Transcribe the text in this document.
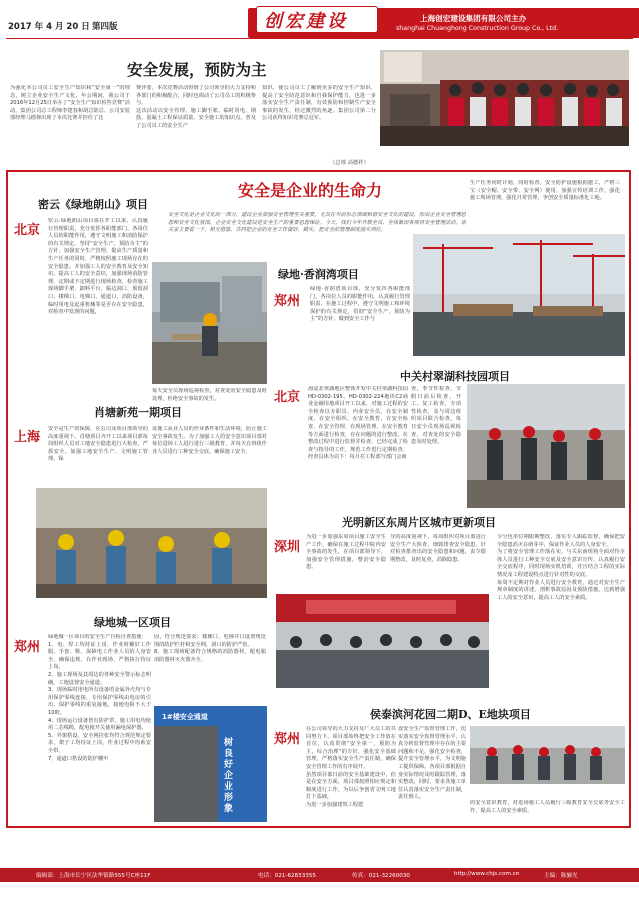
2017 年 4 月 20 日 第四版	创宏建设	上海创宏建设集团有限公司主办
shanghai Chuanghong Construction Group Co., Ltd.
安全发展，预防为主
为强化本公司员工安全生产知识和“安全第一”的理念，树立企业安全生产文化，年会期间，我公司于2016年12月25日举办了“安全生产知识检答竞赛”活动。集团公司总工程师李建春和胡总陆总、公司安装部经理马德禅出席了本次比赛并担任了比
赛评委。本次竞赛活动得到了公司领导的大力支持和各部门的积极配合，同时也调动了公司员工的积极参与。
这次活动以安全管理、施工脚手架、临时用电、钢筋、混凝土工程保证质量、安全施工的知识点，普及了公司员工的安全生产
知识，使公司员工了解到更多的安全生产知识，提高了安全防范意识和自我保护能力，也进一步落实安全生产责任制，有效预防和控制生产安全事故的发生，经过激烈的角逐，集团公司第二分公司获得知识竞赛总冠军。
（总部 高德祥）
安全是企业的生命力
安全文化是企业文化的一部分，建设企业加强安全管理至关重要。尤其在当前形态领域和谐安全文化的建设，形成企业安全管理思想和安全文化氛围，企业安全文化建设是安全生产的重要思想保证。今天，我们今年开展全员、全体集团各项目安全管理活动。请关家主要看一下，相互借鉴，共同把企业的安全工作做好，做实，把安全的管理制度落实到位。
生产任务同时计划，同时检查。安全防护设施根据施工，严格三宝（安全帽、安全带、安全网）使用，加强宣传培训工作，强化施工现场管理，强化日常管理，争创安全质量标准化工地。
密云《绿地朗山》项目
北京
密云·绿地朗山项目部在开工以来，认真履行管理职责，充分发挥各职能部门、各岗位人员的职能作用，遵守文明施工和消防保护的有关规定，坚持“安全生产，预防为主”的方针，加强安全生产管理，提高生产质量和生产任务的同时，严格按照施工现场存在的安全隐患，并加强工人的安全教育及安全知识，提高工人的安全意识，加强现场消防管理，定期或不定期进行现场检查，检查施工现场脚手架、卸料平台、临边洞口、预留洞口、楼梯口、电梯口，通道口、消防设备，临时用电及起重机械等是否存在安全隐患，对检查中发现的问题，
每天安全员现场巡视检查，对查处的安全隐患及时处理，杜绝安全事故的发生。
绿地·香润湾项目
郑州
绿地·香润湾项目部，充分发挥各职能部门、各岗位人员的职能作用，认真履行管理职责，在施工过程中，遵守文明施工和环境保护的有关规定，贯彻“安全生产，预防为主”的方针，做到安全工作与
中关村翠湖科技园项目
北京
海淀北翠湖地区整体开发中关村翠湖科技园HD-0302-195、HD-0302-224地块C2商业金融用地项目开工以来，对施工过程的安全检查以专职员、内业安全员，在安全制度、在安全组织、在安全教育、在安全检查、在安全管理、在现场管理、在安全教育等方面进行检查，存在问题的进行整改，在整改过程中进行监督并检查，已经完成了检查与指导的工作，规范工作进行定期检查、经查具体为以下：每月在工程部与部门会商
查，季节性检查，节假日前后检查，开工、复工检查，专项性检查，及与周边组织项目联合检查。每日安全员现场巡视检查，对查处的安全隐患及时处理。
肖塘新苑一期项目
上海
安全是生产的保障，在公司及项目部领导的高度重视下，肖塘项目齐开工以来项目部每周组织人员对工地安全隐患进行大检查，严抓安全，加强工地安全生产、文明施工管理，保
证施工从业人员的作业条件和生活环境，防止施工安全事故发生。为了加强工人的安全意识项目部对每位进场工人进行进行三级教育，并每天在班组作业人员进行工种安全交底，确保施工安全。
光明新区东周片区城市更新项目
深圳
为进一步加强东周项目施工安全生产工作，确保在施工过程中院内安全事故的发生，在项目部领导下，加强安全管理措施，整治安全隐患。
导的高度重视下，每周组织对项目部进行安全生产大检查，细致排查安全隐患，针对检查排查出的安全隐患和问题，责令限期整改，及时复查，消除隐患。
令分包单位期限期整改，落实专人跟踪监督，确保把安全隐患消灭在萌芽中，保证作业人员的人身安全。
为了将安全管理工作落在实，与关东南组将全面对待全体人员进行工种安全交底及安全意识宣传，认真履行安全交底程序，同时现场实机培训，并且结合工程的实际情况及工程建设特点进行针对性的交底。
每周不定期对作业人员进行安全教育，通过对安全生产规章制度的讲述，剖析事故原因及预防措施，达到增强工人的安全意识，提高工人的安全素质。
绿地城一区项目
郑州
绿地城一区项目的安全生产自检自查措施：
1、电、焊工均持证上岗，作业时戴好工作服、手套、鞋，保障电工作业人员的人身安全，确保违规、在作业现场，严格执行持证上岗。
2、施工现场及其周边的各种安全警示标志明确，工地设置安全通道。
3、现场临时用电所有设备的金属外壳均与专用保护零线连接，专用保护零线由电房的引出，保护零线的重复接地，接地电阻不大于10欧。
4、现场运行设备皆有防护罩，施工用电均使用二芯线缆，配电箱开关使用漏电保护器。
5、外架搭设、安全网挂张均符合规范规定要求，架子工均持证上岗，作业过程中均系安全带。
7、通道口搭设的防护棚牢
固，符合规范要求；楼梯口、电梯井口设置规范围的防护栏杆和安全网，洞口的防护严密。
8、施工现场配备符合规格的消防器材，配电箱消防器材灭火器齐全。
1#楼安全通道
树良好企业形象
侯泰滨河花园二期D、E地块项目
郑州
在公司领导的大力支持及广大员工的共同努力下，项目部始终把安全工作放在首位，认真贯彻“安全第一，预防为主，综合治理”的方针，强化安全基础管理，严格落实安全生产责任制，确保安全管理工作的有序展开。
虽然项目部日前的安全基础建设中，但是在安全方面，项目部按照相应规定和制度进行工作，为以后争创省文明工地打下基础。
为进一步加强建筑工程建
设安全生产监督管理工作，切实落实安全监督管理水平，认真分析监督管理中存在的主要问题和不足，强化安全检查，提升安全管理水平，为文明施工提供保障。各项目部根据自身实际情况及时跟踪管理，落实整改，同时，要求各施工单位认真落实安全生产责任制，责任到人。
的安全意识教育，对进场施工人员履行三级教育安全交底等安全工作，提高工人的安全素质。
编辑部：上海市长宁区法华镇路555号C座11F	电话：021-62833355	传真：021-32260030	http://www.chjs.com.cn	主编：陈骊光
